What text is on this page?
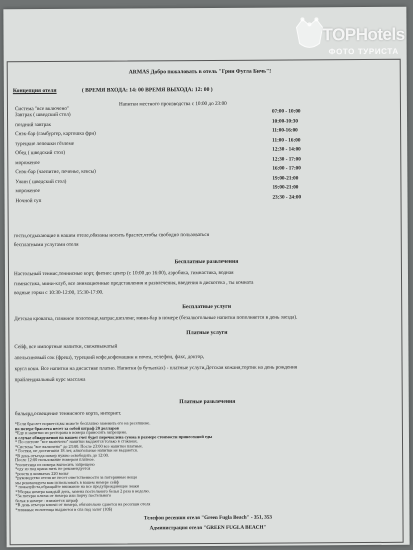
TOPHotels
ФОТО ТУРИСТА
ARMAS Добро пожаловать в отель "Грин Фугла Бичь"!
Концепция отеля	( ВРЕМЯ ВХОДА: 14: 00 ВРЕМЯ ВЫХОДА: 12: 00 )
Система "все включено"
Напитки местного производства с 10:00 до 23:00
Завтрак ( шведский стол)
07:00 - 10:00
поздний завтрак
10:00-10:30
Снэк-бар (гамбургер, картошка фри)
11:00-16:00
турецкие лепешки гёзлеме
11:00 - 16:00
Обед ( шведский стол)
12:30 - 14:00
мороженое
12:30 - 17:00
Снэк-бар (чаепитие, печенье, кексы)
16:00 - 17:00
Ужин ( шведский стол)
19:00-21:00
мороженое
19:00-21:00
Ночной суп
23:30 - 24:00
гости,отдыхающие в нашем отеле,обязаны носить браслет,чтобы свободно пользоваться
бесплатными услугами отеля
Бесплатные развлечения
Настольный теннис,теннисные корт, фитнес центр (с 10:00 до 16:00), аэробика, гимнастика, водная
гимнастика, мини-клуб, все анимационные представления и развлечения, введения в дискотека , ты комната
водные горки с 10:30-12:00, 15:30-17:00.
Бесплатные услуги
Детская кроватка, пляжное полотенце,матрас,шезлонг, мини-бар в номере (безалкогольные напитки пополняется в день заезда).
Платные услуги
Сейф, все импортные напитки, свежевыжатый
апельсиновый сок (фреш), турецкий кофе,кофемашин и почта, телефон, факс, доктор,
кругл коки. Все напитки на дисастиве платно. Напитки (в бутылках) - платные услуги,Детская кожаня,тортик на день рождения
прайлендиальный курс массажа
Платные развлечения
бильярд,освещение теннисного корта, интернет.
*Если браслет порвется,вы можете бесплатно заменить его на ресепшене.
по потере браслета несет за собой штраф 20 долларов
*Еду и напитки из ресторана в номера приносить запрещено.
в случае обнаружения на вашем счет будет перечислена сумма в размере стоимости принесенной еды
* По системе "все включено" напитки выдаются только в стаканах.
*Система "все включено" до 23:00. После 23:00 все напитки платные.
* Гостям, не достигшим 18 лет, алкогольные напитки не выдаются.
*В день отъезда номер нужно освободить до 12:00.
После 12:00 пользование номером платное.
*полотенца из номера выносить запрещено
*еду из под крана пить не рекомендуется
*розетк в комнатах 220 вольт
*руководство отеля не несет ответственности за потерянные вещи
мы рекомендуем вам использовать в вашем номере сейф
* пожалуйста,обращайте внимание на все предупреждающие знаки
*Уборка номера каждый день, замена постельного белья 2 раза в неделю.
*За потерю ключа от номера или порчу постельного
белья в номере - взимается штраф
*В день отъезда ключи от номера, обязательно сдаются на ресепшн отеля
*пляжные полотенца выдаются в спа под залог (10$)
Телефон ресепшн отеля "Green Fugla Beach" - 351, 353
Администрация отеля "GREEN FUGLA BEACH"
